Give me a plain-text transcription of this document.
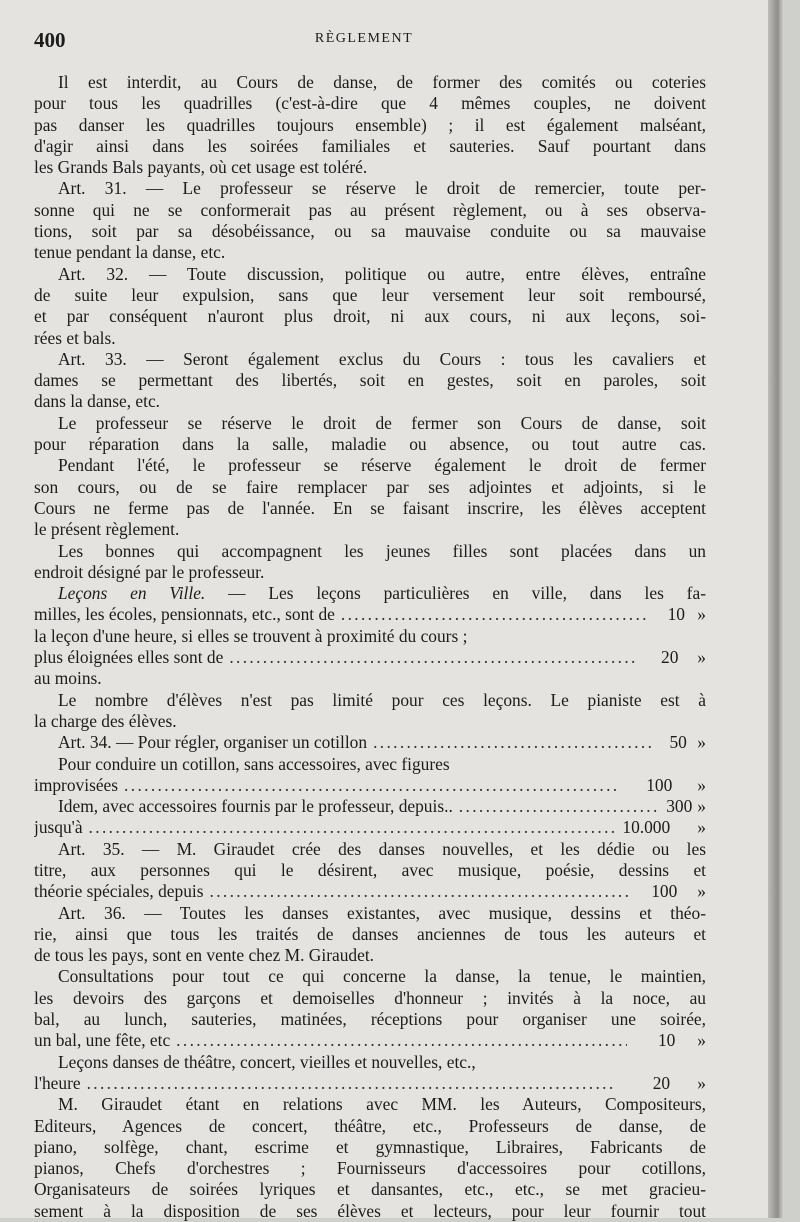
400	RÈGLEMENT
Il est interdit, au Cours de danse, de former des comités ou coteries
pour tous les quadrilles (c'est-à-dire que 4 mêmes couples, ne doivent
pas danser les quadrilles toujours ensemble) ; il est également malséant,
d'agir ainsi dans les soirées familiales et sauteries. Sauf pourtant dans
les Grands Bals payants, où cet usage est toléré.
Art. 31. — Le professeur se réserve le droit de remercier, toute per-
sonne qui ne se conformerait pas au présent règlement, ou à ses observa-
tions, soit par sa désobéissance, ou sa mauvaise conduite ou sa mauvaise
tenue pendant la danse, etc.
Art. 32. — Toute discussion, politique ou autre, entre élèves, entraîne
de suite leur expulsion, sans que leur versement leur soit remboursé,
et par conséquent n'auront plus droit, ni aux cours, ni aux leçons, soi-
rées et bals.
Art. 33. — Seront également exclus du Cours : tous les cavaliers et
dames se permettant des libertés, soit en gestes, soit en paroles, soit
dans la danse, etc.
Le professeur se réserve le droit de fermer son Cours de danse, soit
pour réparation dans la salle, maladie ou absence, ou tout autre cas.
Pendant l'été, le professeur se réserve également le droit de fermer
son cours, ou de se faire remplacer par ses adjointes et adjoints, si le
Cours ne ferme pas de l'année. En se faisant inscrire, les élèves acceptent
le présent règlement.
Les bonnes qui accompagnent les jeunes filles sont placées dans un
endroit désigné par le professeur.
Leçons en Ville. — Les leçons particulières en ville, dans les fa-
milles, les écoles, pensionnats, etc., sont de . . .	10 »
la leçon d'une heure, si elles se trouvent à proximité du cours ;
plus éloignées elles sont de . . .	20	»
au moins.
Le nombre d'élèves n'est pas limité pour ces leçons. Le pianiste est à
la charge des élèves.
Art. 34. — Pour régler, organiser un cotillon . . .	50 »
Pour conduire un cotillon, sans accessoires, avec figures
improvisées . . .	100	»
Idem, avec accessoires fournis par le professeur, depuis.. . . .	300 »
jusqu'à . . .	10.000	»
Art. 35. — M. Giraudet crée des danses nouvelles, et les dédie ou les
titre, aux personnes qui le désirent, avec musique, poésie, dessins et
théorie spéciales, depuis . . .	100	»
Art. 36. — Toutes les danses existantes, avec musique, dessins et théo-
rie, ainsi que tous les traités de danses anciennes de tous les auteurs et
de tous les pays, sont en vente chez M. Giraudet.
Consultations pour tout ce qui concerne la danse, la tenue, le maintien,
les devoirs des garçons et demoiselles d'honneur ; invités à la noce, au
bal, au lunch, sauteries, matinées, réceptions pour organiser une soirée,
un bal, une fête, etc . . .	10	»
Leçons danses de théâtre, concert, vieilles et nouvelles, etc.,
l'heure . . .	20	»
M. Giraudet étant en relations avec MM. les Auteurs, Compositeurs,
Editeurs, Agences de concert, théâtre, etc., Professeurs de danse, de
piano, solfège, chant, escrime et gymnastique, Libraires, Fabricants de
pianos, Chefs d'orchestres ; Fournisseurs d'accessoires pour cotillons,
Organisateurs de soirées lyriques et dansantes, etc., etc., se met gracieu-
sement à la disposition de ses élèves et lecteurs, pour leur fournir tout
